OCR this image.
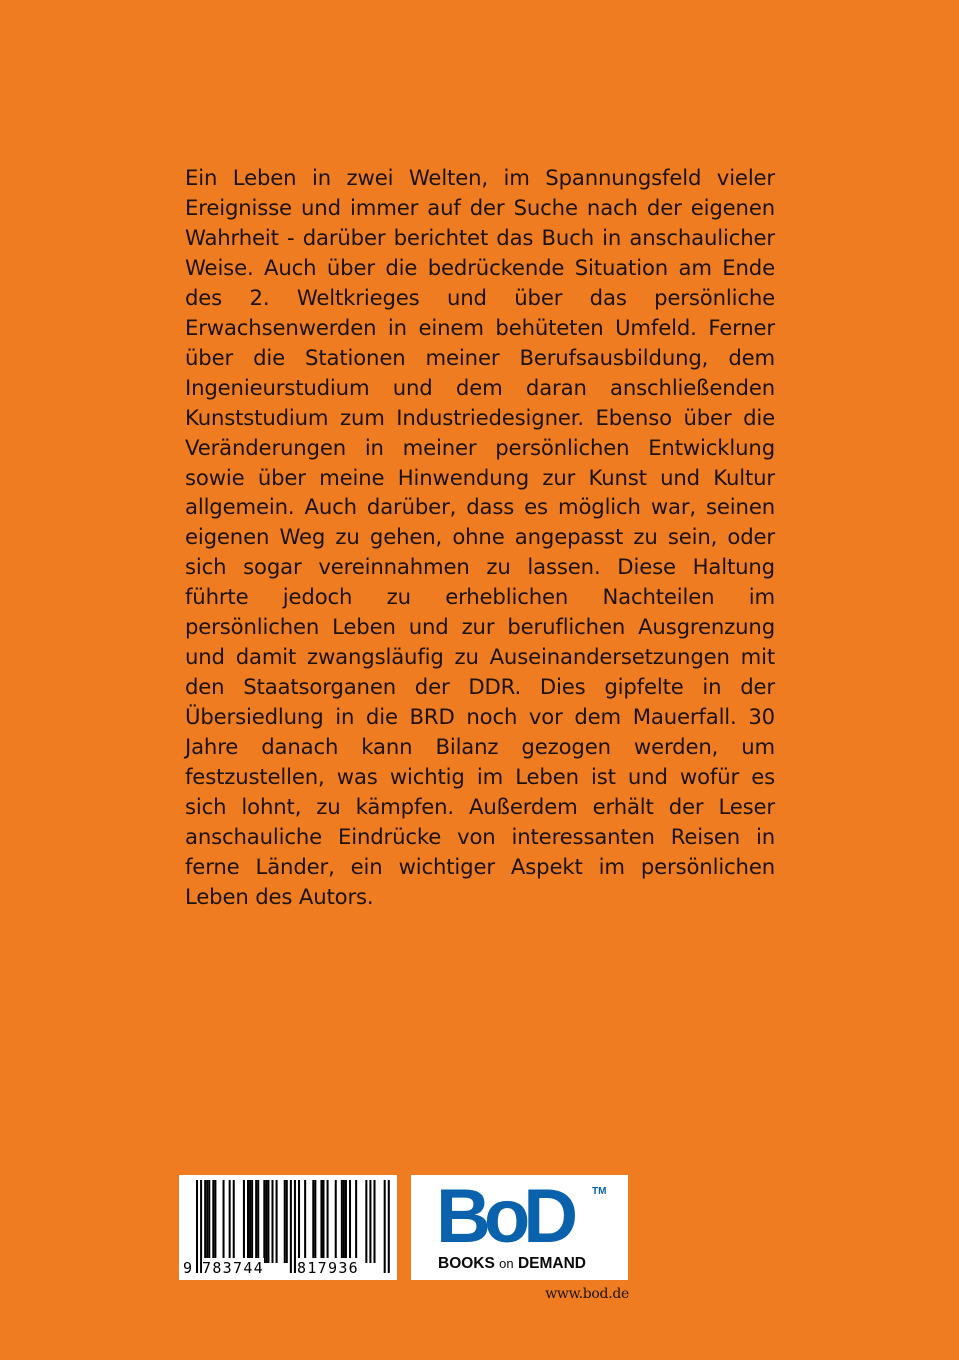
Ein Leben in zwei Welten, im Spannungsfeld vieler Ereignisse und immer auf der Suche nach der eigenen Wahrheit - darüber berichtet das Buch in anschaulicher Weise. Auch über die bedrückende Situation am Ende des 2. Weltkrieges und über das persönliche Erwachsenwerden in einem behüteten Umfeld. Ferner über die Stationen meiner Berufsausbildung, dem Ingenieurstudium und dem daran anschließenden Kunststudium zum Industriedesigner. Ebenso über die Veränderungen in meiner persönlichen Entwicklung sowie über meine Hinwendung zur Kunst und Kultur allgemein. Auch darüber, dass es möglich war, seinen eigenen Weg zu gehen, ohne angepasst zu sein, oder sich sogar vereinnahmen zu lassen. Diese Haltung führte jedoch zu erheblichen Nachteilen im persönlichen Leben und zur beruflichen Ausgrenzung und damit zwangsläufig zu Auseinandersetzungen mit den Staatsorganen der DDR. Dies gipfelte in der Übersiedlung in die BRD noch vor dem Mauerfall. 30 Jahre danach kann Bilanz gezogen werden, um festzustellen, was wichtig im Leben ist und wofür es sich lohnt, zu kämpfen. Außerdem erhält der Leser anschauliche Eindrücke von interessanten Reisen in ferne Länder, ein wichtiger Aspekt im persönlichen Leben des Autors.

9 783744 817936
BoD TM
BOOKS on DEMAND
www.bod.de
